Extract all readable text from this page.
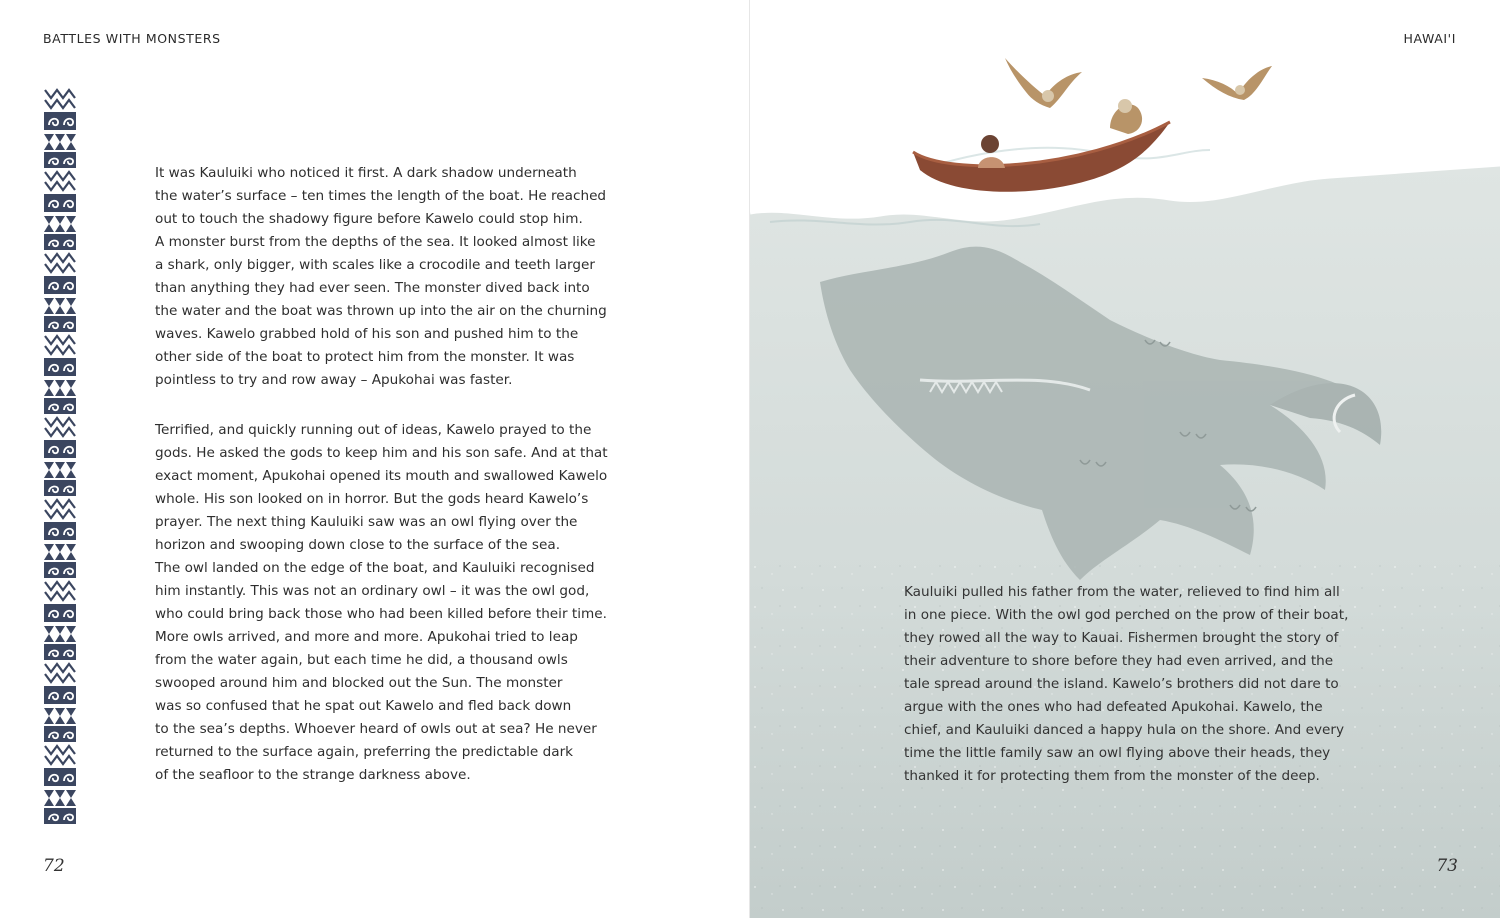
BATTLES WITH MONSTERS
It was Kauluiki who noticed it first. A dark shadow underneath
the water’s surface – ten times the length of the boat. He reached
out to touch the shadowy figure before Kawelo could stop him.
A monster burst from the depths of the sea. It looked almost like
a shark, only bigger, with scales like a crocodile and teeth larger
than anything they had ever seen. The monster dived back into
the water and the boat was thrown up into the air on the churning
waves. Kawelo grabbed hold of his son and pushed him to the
other side of the boat to protect him from the monster. It was
pointless to try and row away – Apukohai was faster.
Terrified, and quickly running out of ideas, Kawelo prayed to the
gods. He asked the gods to keep him and his son safe. And at that
exact moment, Apukohai opened its mouth and swallowed Kawelo
whole. His son looked on in horror. But the gods heard Kawelo’s
prayer. The next thing Kauluiki saw was an owl flying over the
horizon and swooping down close to the surface of the sea.
The owl landed on the edge of the boat, and Kauluiki recognised
him instantly. This was not an ordinary owl – it was the owl god,
who could bring back those who had been killed before their time.
More owls arrived, and more and more. Apukohai tried to leap
from the water again, but each time he did, a thousand owls
swooped around him and blocked out the Sun. The monster
was so confused that he spat out Kawelo and fled back down
to the sea’s depths. Whoever heard of owls out at sea? He never
returned to the surface again, preferring the predictable dark
of the seafloor to the strange darkness above.
72
HAWAI'I
Kauluiki pulled his father from the water, relieved to find him all
in one piece. With the owl god perched on the prow of their boat,
they rowed all the way to Kauai. Fishermen brought the story of
their adventure to shore before they had even arrived, and the
tale spread around the island. Kawelo’s brothers did not dare to
argue with the ones who had defeated Apukohai. Kawelo, the
chief, and Kauluiki danced a happy hula on the shore. And every
time the little family saw an owl flying above their heads, they
thanked it for protecting them from the monster of the deep.
73
